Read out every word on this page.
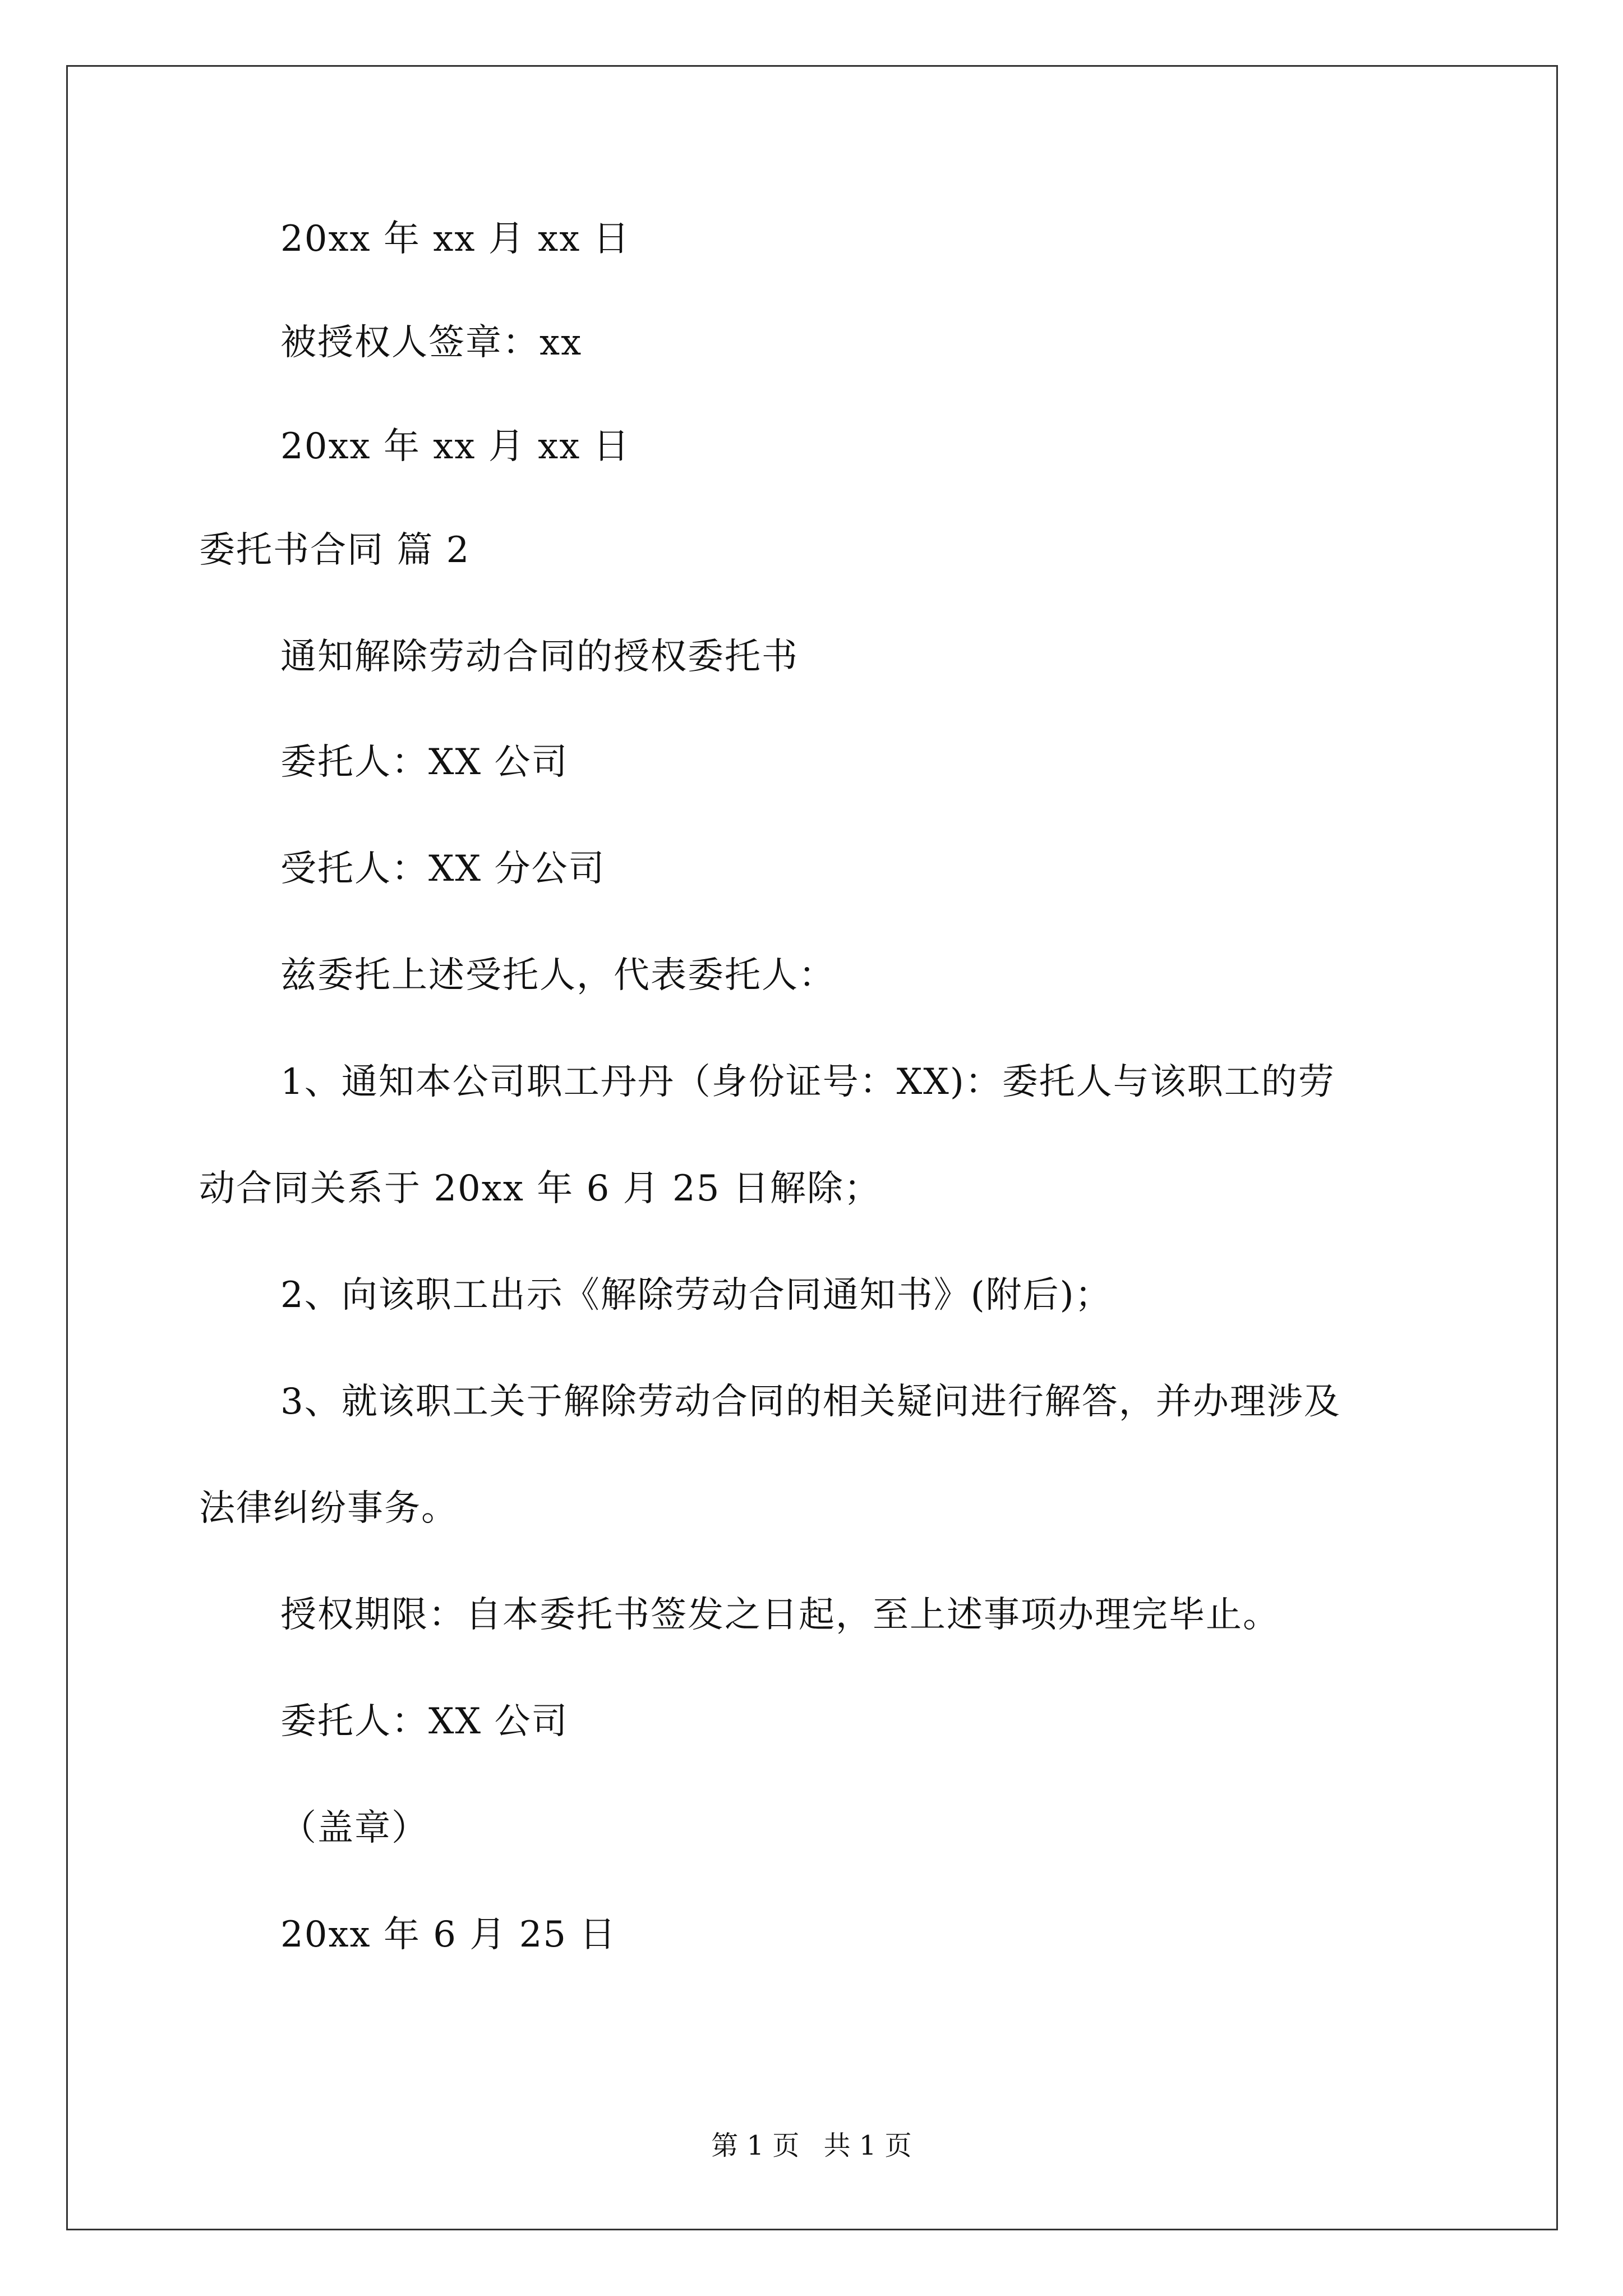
20xx 年 xx 月 xx 日
被授权人签章：xx
20xx 年 xx 月 xx 日
委托书合同 篇 2
通知解除劳动合同的授权委托书
委托人：XX 公司
受托人：XX 分公司
兹委托上述受托人，代表委托人：
1、通知本公司职工丹丹（身份证号：XX)：委托人与该职工的劳
动合同关系于 20xx 年 6 月 25 日解除；
2、向该职工出示《解除劳动合同通知书》(附后)；
3、就该职工关于解除劳动合同的相关疑问进行解答，并办理涉及
法律纠纷事务。
授权期限：自本委托书签发之日起，至上述事项办理完毕止。
委托人：XX 公司
（盖章）
20xx 年 6 月 25 日
第 1 页 共 1 页
